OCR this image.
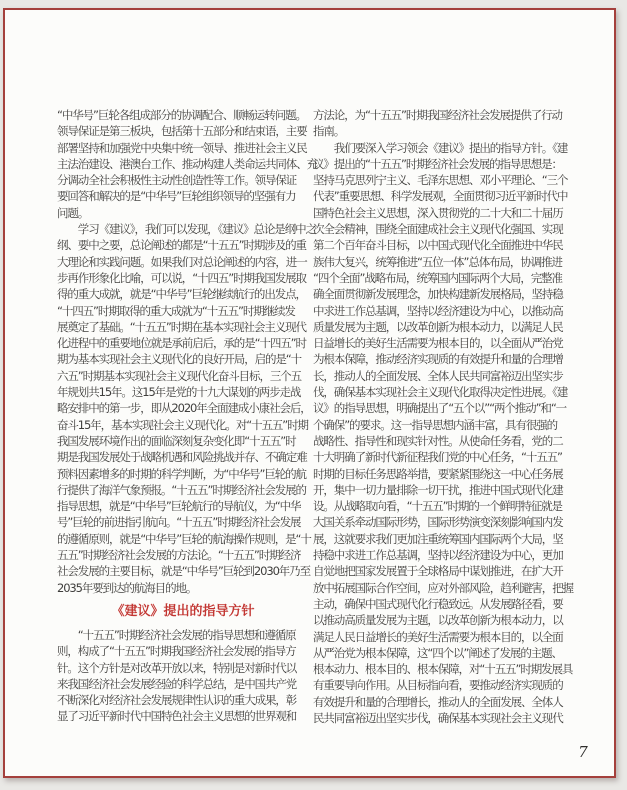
“中华号”巨轮各组成部分的协调配合、顺畅运转问题。
领导保证是第三板块，包括第十五部分和结束语，主要
部署坚持和加强党中央集中统一领导、推进社会主义民
主法治建设、港澳台工作、推动构建人类命运共同体、充
分调动全社会积极性主动性创造性等工作。领导保证
要回答和解决的是“中华号”巨轮组织领导的坚强有力
问题。
　　学习《建议》，我们可以发现，《建议》总论是纲中之
纲、要中之要，总论阐述的都是“十五五”时期涉及的重
大理论和实践问题。如果我们对总论阐述的内容，进一
步再作形象化比喻，可以说，“十四五”时期我国发展取
得的重大成就，就是“中华号”巨轮继续航行的出发点，
“十四五”时期取得的重大成就为“十五五”时期继续发
展奠定了基础。“十五五”时期在基本实现社会主义现代
化进程中的重要地位就是承前启后，承的是“十四五”时
期为基本实现社会主义现代化的良好开局，启的是“十
六五”时期基本实现社会主义现代化奋斗目标，三个五
年规划共15年。这15年是党的十九大谋划的两步走战
略安排中的第一步，即从2020年全面建成小康社会后，
奋斗15年，基本实现社会主义现代化。对“十五五”时期
我国发展环境作出的面临深刻复杂变化即“十五五”时
期是我国发展处于战略机遇和风险挑战并存、不确定难
预料因素增多的时期的科学判断，为“中华号”巨轮的航
行提供了海洋气象预报。“十五五”时期经济社会发展的
指导思想，就是“中华号”巨轮航行的导航仪，为“中华
号”巨轮的前进指引航向。“十五五”时期经济社会发展
的遵循原则，就是“中华号”巨轮的航海操作规则，是“十
五五”时期经济社会发展的方法论。“十五五”时期经济
社会发展的主要目标，就是“中华号”巨轮到2030年乃至
2035年要到达的航海目的地。
《建议》提出的指导方针
　　“十五五”时期经济社会发展的指导思想和遵循原
则，构成了“十五五”时期我国经济社会发展的指导方
针。这个方针是对改革开放以来，特别是对新时代以
来我国经济社会发展经验的科学总结，是中国共产党
不断深化对经济社会发展规律性认识的重大成果，彰
显了习近平新时代中国特色社会主义思想的世界观和
方法论，为“十五五”时期我国经济社会发展提供了行动
指南。
　　我们要深入学习领会《建议》提出的指导方针。《建
议》提出的“十五五”时期经济社会发展的指导思想是：
坚持马克思列宁主义、毛泽东思想、邓小平理论、“三个
代表”重要思想、科学发展观，全面贯彻习近平新时代中
国特色社会主义思想，深入贯彻党的二十大和二十届历
次全会精神，围绕全面建成社会主义现代化强国、实现
第二个百年奋斗目标，以中国式现代化全面推进中华民
族伟大复兴，统筹推进“五位一体”总体布局，协调推进
“四个全面”战略布局，统筹国内国际两个大局，完整准
确全面贯彻新发展理念，加快构建新发展格局，坚持稳
中求进工作总基调，坚持以经济建设为中心，以推动高
质量发展为主题，以改革创新为根本动力，以满足人民
日益增长的美好生活需要为根本目的，以全面从严治党
为根本保障，推动经济实现质的有效提升和量的合理增
长，推动人的全面发展、全体人民共同富裕迈出坚实步
伐，确保基本实现社会主义现代化取得决定性进展。《建
议》的指导思想，明确提出了“五个以”“两个推动”和“一
个确保”的要求。这一指导思想内涵丰富，具有很强的
战略性、指导性和现实针对性。从使命任务看，党的二
十大明确了新时代新征程我们党的中心任务，“十五五”
时期的目标任务思路举措，要紧紧围绕这一中心任务展
开，集中一切力量排除一切干扰，推进中国式现代化建
设。从战略取向看，“十五五”时期的一个鲜明特征就是
大国关系牵动国际形势，国际形势演变深刻影响国内发
展，这就要求我们更加注重统筹国内国际两个大局，坚
持稳中求进工作总基调，坚持以经济建设为中心，更加
自觉地把国家发展置于全球格局中谋划推进，在扩大开
放中拓展国际合作空间，应对外部风险，趋利避害，把握
主动，确保中国式现代化行稳致远。从发展路径看，要
以推动高质量发展为主题，以改革创新为根本动力，以
满足人民日益增长的美好生活需要为根本目的，以全面
从严治党为根本保障，这“四个以”阐述了发展的主题、
根本动力、根本目的、根本保障，对“十五五”时期发展具
有重要导向作用。从目标指向看，要推动经济实现质的
有效提升和量的合理增长，推动人的全面发展、全体人
民共同富裕迈出坚实步伐，确保基本实现社会主义现代
7
